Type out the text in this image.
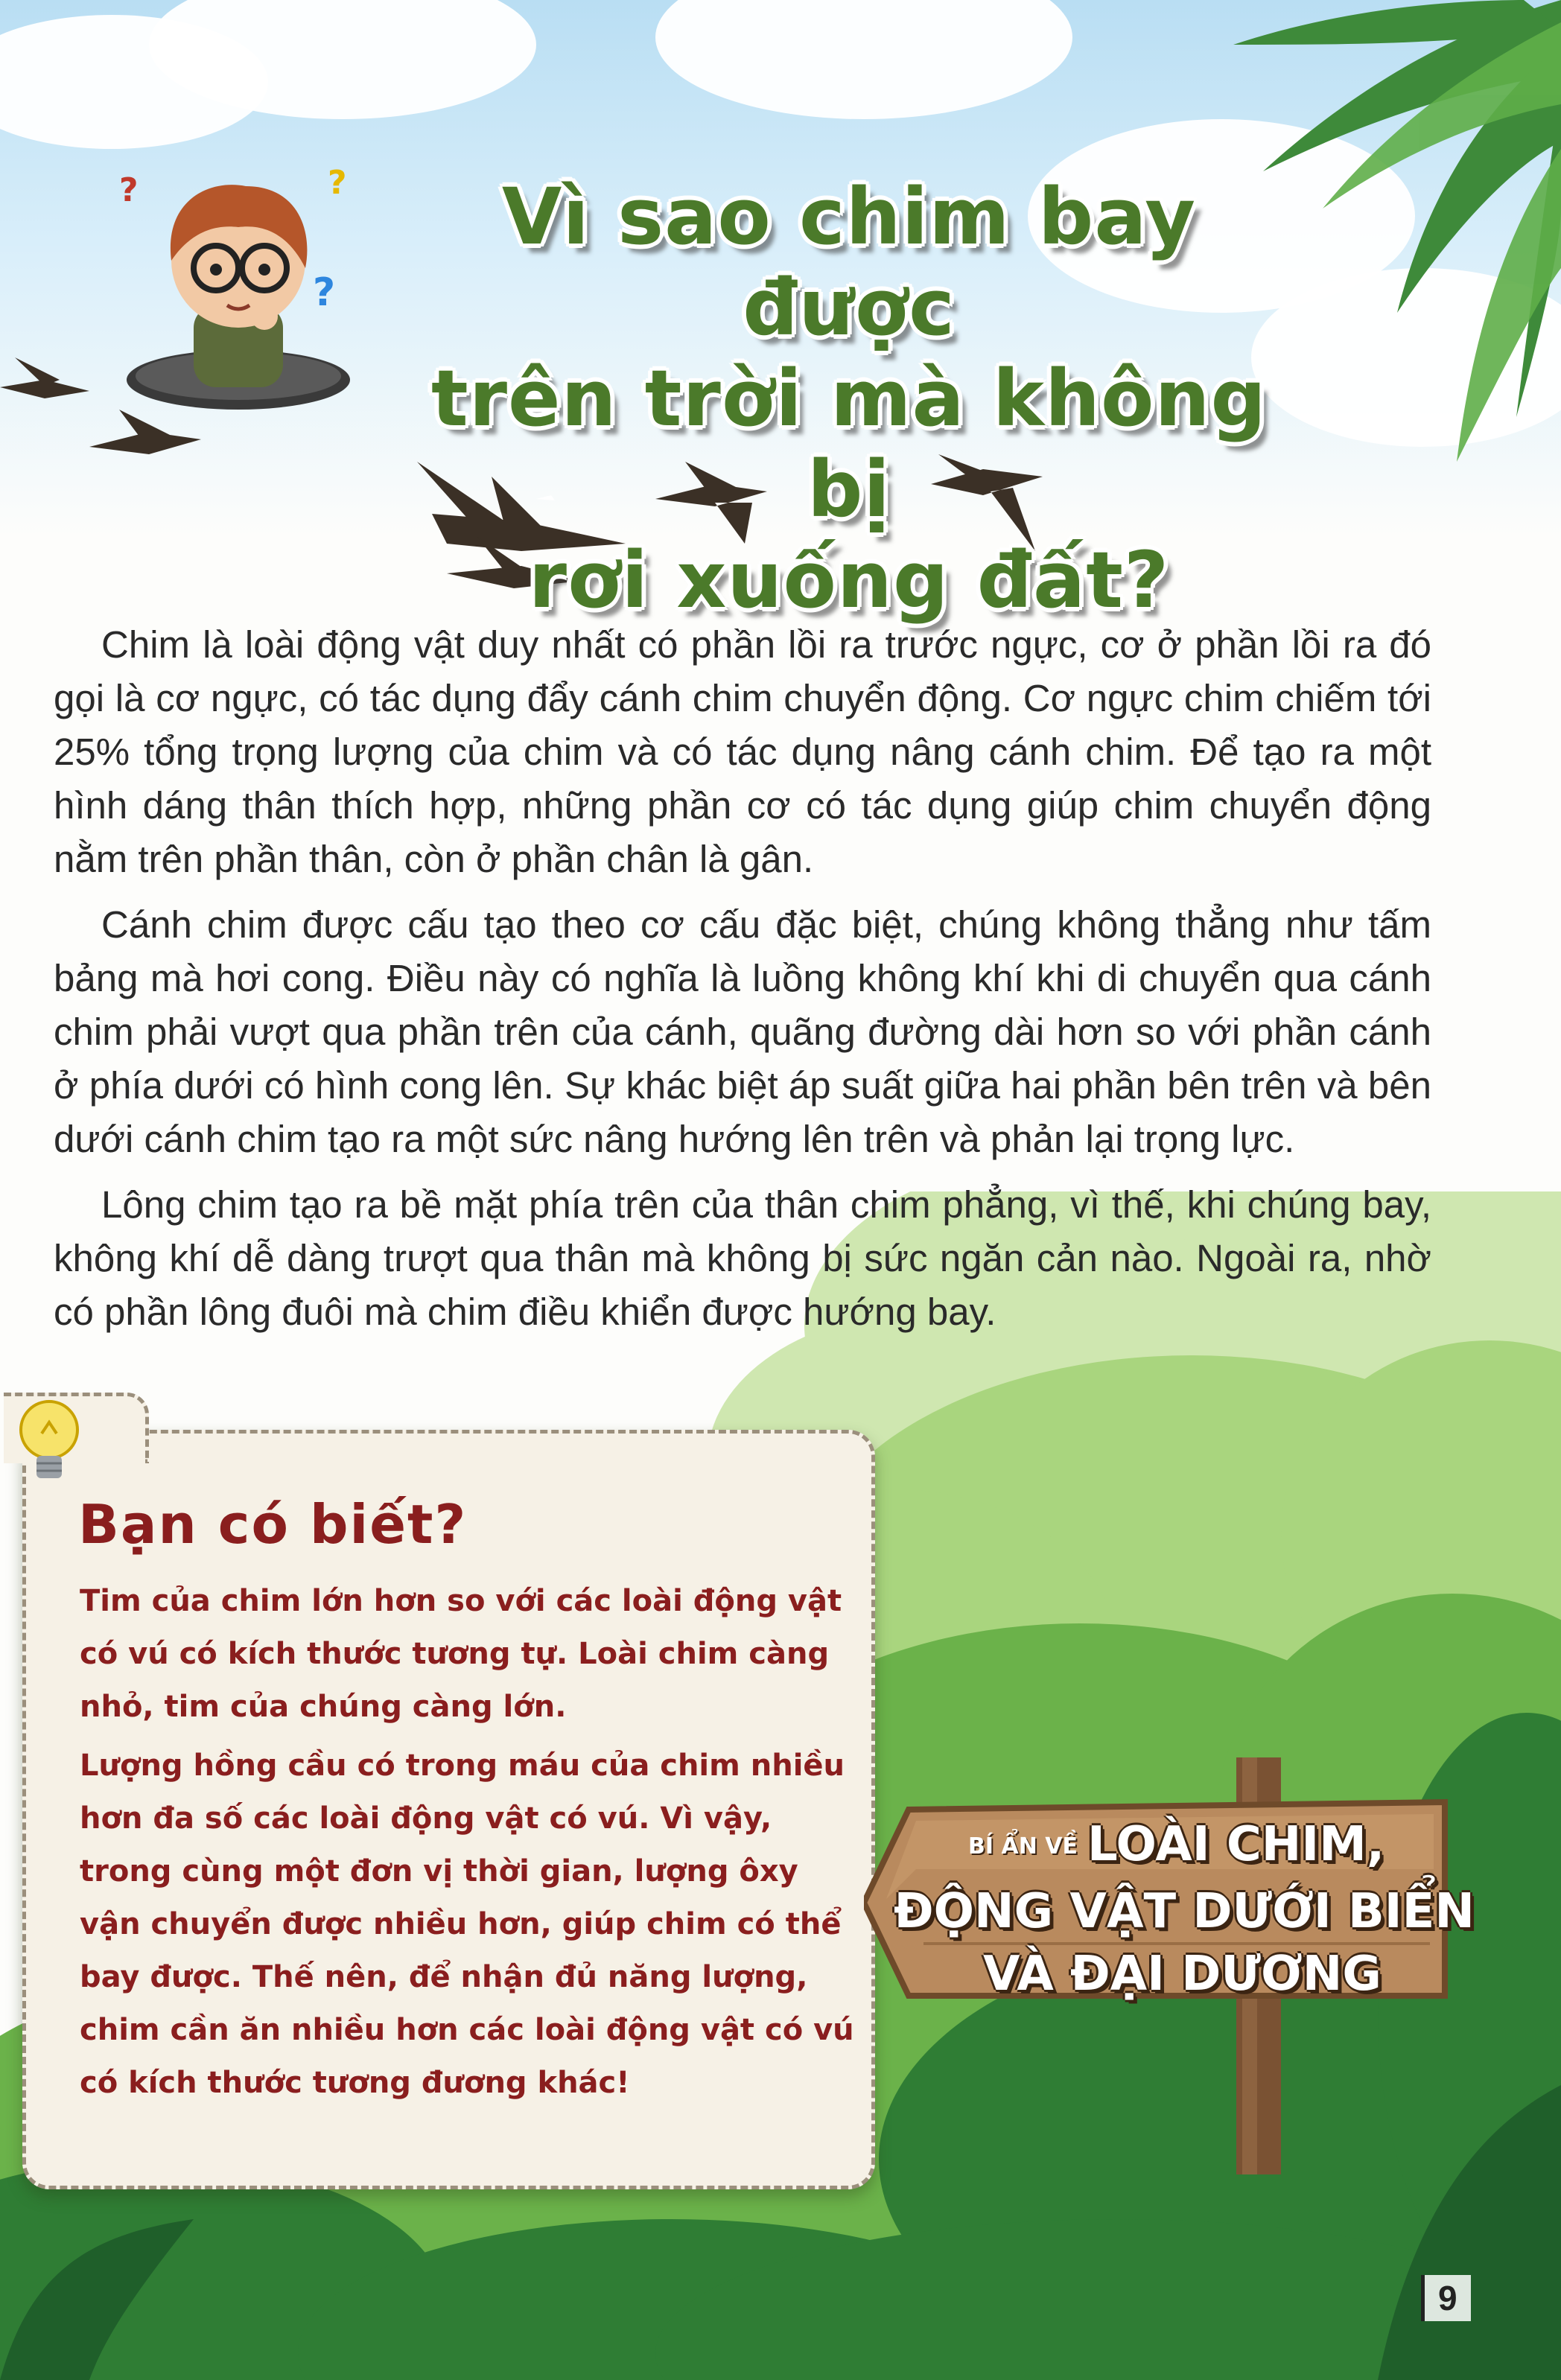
?	?
?
Vì sao chim bay được
trên trời mà không bị
rơi xuống đất?

Chim là loài động vật duy nhất có phần lồi ra trước ngực, cơ ở phần lồi ra đó gọi là cơ ngực, có tác dụng đẩy cánh chim chuyển động. Cơ ngực chim chiếm tới 25% tổng trọng lượng của chim và có tác dụng nâng cánh chim. Để tạo ra một hình dáng thân thích hợp, những phần cơ có tác dụng giúp chim chuyển động nằm trên phần thân, còn ở phần chân là gân.

Cánh chim được cấu tạo theo cơ cấu đặc biệt, chúng không thẳng như tấm bảng mà hơi cong. Điều này có nghĩa là luồng không khí khi di chuyển qua cánh chim phải vượt qua phần trên của cánh, quãng đường dài hơn so với phần cánh ở phía dưới có hình cong lên. Sự khác biệt áp suất giữa hai phần bên trên và bên dưới cánh chim tạo ra một sức nâng hướng lên trên và phản lại trọng lực.

Lông chim tạo ra bề mặt phía trên của thân chim phẳng, vì thế, khi chúng bay, không khí dễ dàng trượt qua thân mà không bị sức ngăn cản nào. Ngoài ra, nhờ có phần lông đuôi mà chim điều khiển được hướng bay.

Bạn có biết?

Tim của chim lớn hơn so với các loài động vật có vú có kích thước tương tự. Loài chim càng nhỏ, tim của chúng càng lớn.

Lượng hồng cầu có trong máu của chim nhiều hơn đa số các loài động vật có vú. Vì vậy, trong cùng một đơn vị thời gian, lượng ôxy vận chuyển được nhiều hơn, giúp chim có thể bay được. Thế nên, để nhận đủ năng lượng, chim cần ăn nhiều hơn các loài động vật có vú có kích thước tương đương khác!

BÍ ẨN VỀ LOÀI CHIM,
ĐỘNG VẬT DƯỚI BIỂN
VÀ ĐẠI DƯƠNG
9
